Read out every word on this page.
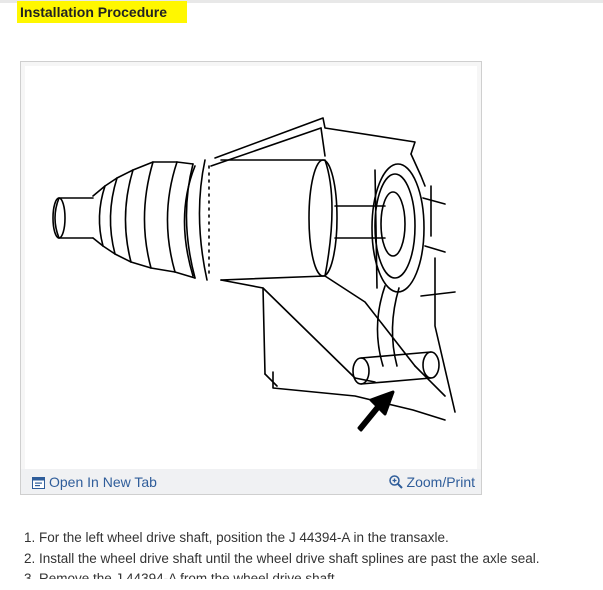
Installation Procedure
Open In New Tab	Zoom/Print
1. For the left wheel drive shaft, position the J 44394-A in the transaxle.
2. Install the wheel drive shaft until the wheel drive shaft splines are past the axle seal.
